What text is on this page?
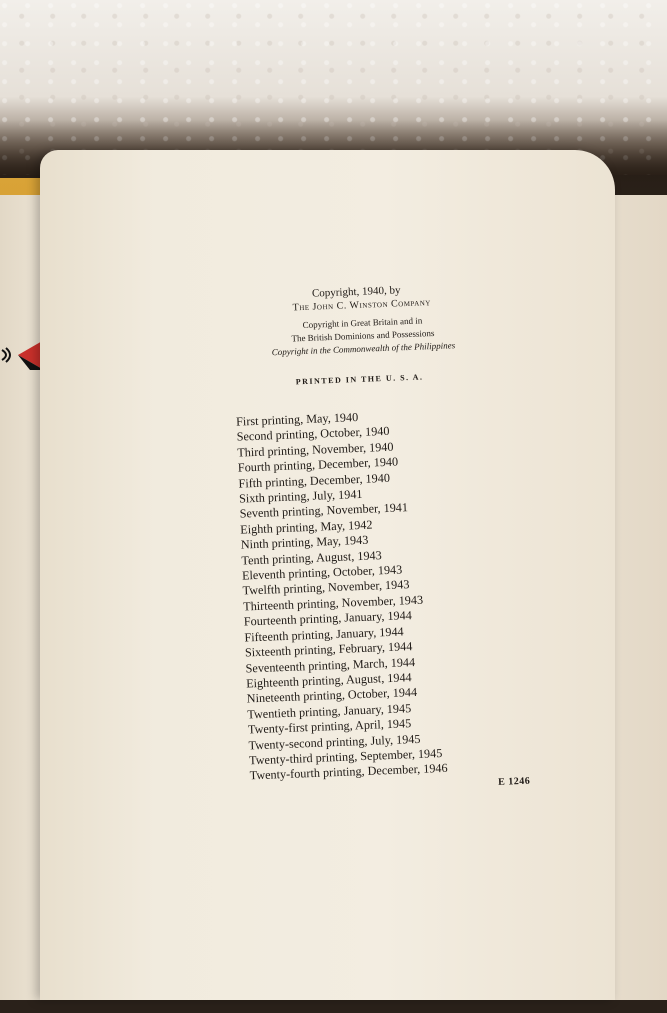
Copyright, 1940, by
The John C. Winston Company
Copyright in Great Britain and in
The British Dominions and Possessions
Copyright in the Commonwealth of the Philippines
PRINTED IN THE U. S. A.
First printing, May, 1940
Second printing, October, 1940
Third printing, November, 1940
Fourth printing, December, 1940
Fifth printing, December, 1940
Sixth printing, July, 1941
Seventh printing, November, 1941
Eighth printing, May, 1942
Ninth printing, May, 1943
Tenth printing, August, 1943
Eleventh printing, October, 1943
Twelfth printing, November, 1943
Thirteenth printing, November, 1943
Fourteenth printing, January, 1944
Fifteenth printing, January, 1944
Sixteenth printing, February, 1944
Seventeenth printing, March, 1944
Eighteenth printing, August, 1944
Nineteenth printing, October, 1944
Twentieth printing, January, 1945
Twenty-first printing, April, 1945
Twenty-second printing, July, 1945
Twenty-third printing, September, 1945
Twenty-fourth printing, December, 1946	E 1246
